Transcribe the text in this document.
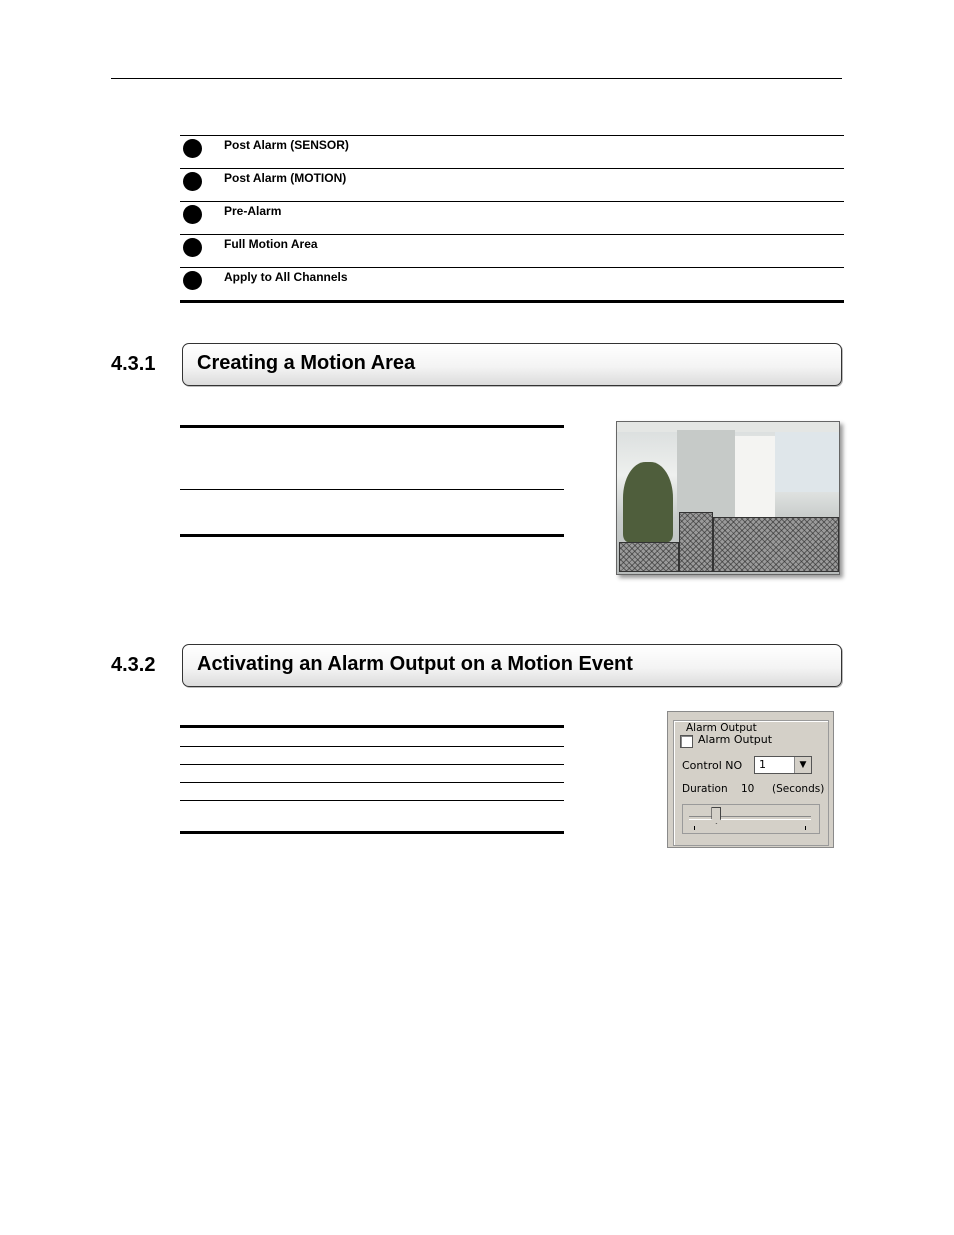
Post Alarm (SENSOR)
Post Alarm (MOTION)
Pre-Alarm
Full Motion Area
Apply to All Channels
4.3.1 Creating a Motion Area
4.3.2 Activating an Alarm Output on a Motion Event
Alarm Output
Alarm Output
Control NO 1	▼
Duration 10 (Seconds)
